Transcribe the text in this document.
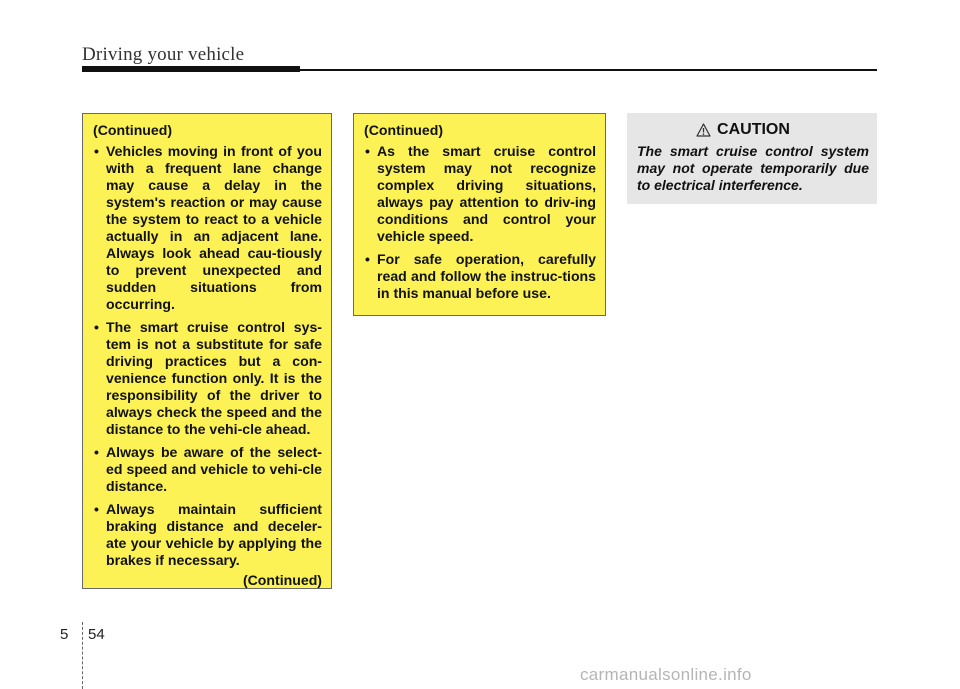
Driving your vehicle
(Continued)
• Vehicles moving in front of you with a frequent lane change may cause a delay in the system's reaction or may cause the system to react to a vehicle actually in an adjacent lane. Always look ahead cau-tiously to prevent unexpected and sudden situations from occurring.
• The smart cruise control sys-tem is not a substitute for safe driving practices but a con-venience function only. It is the responsibility of the driver to always check the speed and the distance to the vehi-cle ahead.
• Always be aware of the select-ed speed and vehicle to vehi-cle distance.
• Always maintain sufficient braking distance and deceler-ate your vehicle by applying the brakes if necessary.
(Continued)
(Continued)
• As the smart cruise control system may not recognize complex driving situations, always pay attention to driv-ing conditions and control your vehicle speed.
• For safe operation, carefully read and follow the instruc-tions in this manual before use.
CAUTION
The smart cruise control system may not operate temporarily due to electrical interference.
5 54
carmanualsonline.info
